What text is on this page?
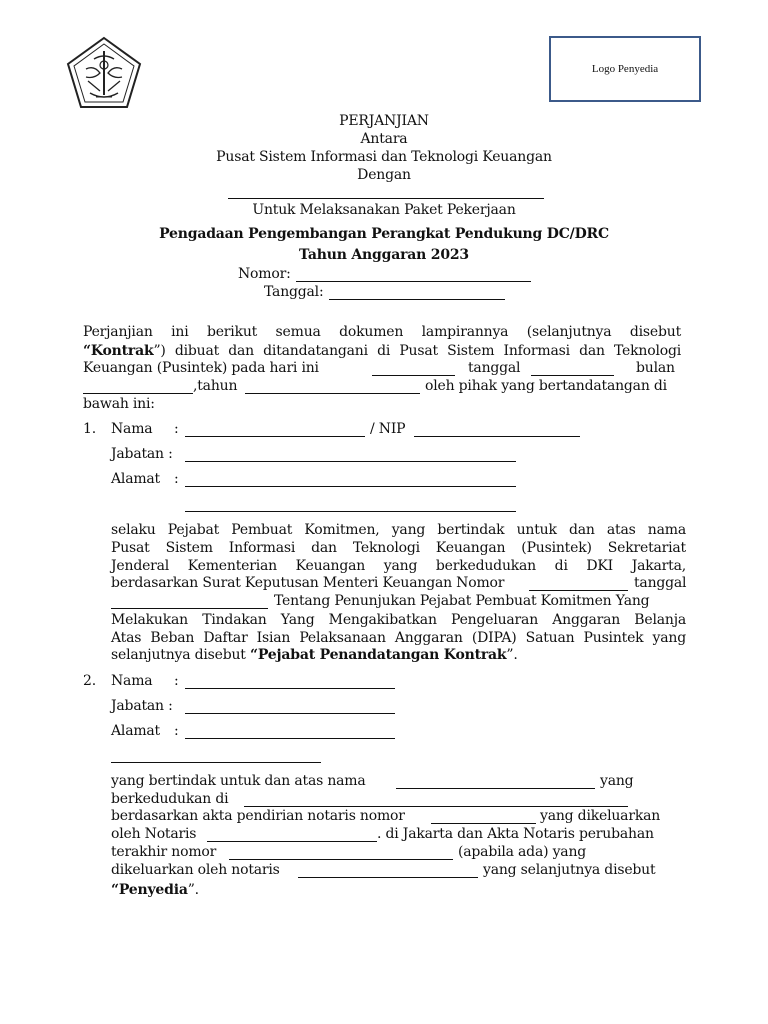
Logo Penyedia
PERJANJIAN
Antara
Pusat Sistem Informasi dan Teknologi Keuangan
Dengan
Untuk Melaksanakan Paket Pekerjaan
Pengadaan Pengembangan Perangkat Pendukung DC/DRC
Tahun Anggaran 2023
Nomor:
Tanggal:
Perjanjian ini berikut semua dokumen lampirannya (selanjutnya disebut
“Kontrak”) dibuat dan ditandatangani di Pusat Sistem Informasi dan Teknologi
Keuangan (Pusintek) pada hari ini	tanggal	bulan
,tahun	oleh pihak yang bertandatangan di
bawah ini:
1. Nama :	/ NIP
Jabatan :
Alamat :
selaku Pejabat Pembuat Komitmen, yang bertindak untuk dan atas nama
Pusat Sistem Informasi dan Teknologi Keuangan (Pusintek) Sekretariat
Jenderal Kementerian Keuangan yang berkedudukan di DKI Jakarta,
berdasarkan Surat Keputusan Menteri Keuangan Nomor	tanggal
Tentang Penunjukan Pejabat Pembuat Komitmen Yang
Melakukan Tindakan Yang Mengakibatkan Pengeluaran Anggaran Belanja
Atas Beban Daftar Isian Pelaksanaan Anggaran (DIPA) Satuan Pusintek yang
selanjutnya disebut “Pejabat Penandatangan Kontrak”.
2. Nama :
Jabatan :
Alamat :
yang bertindak untuk dan atas nama	yang
berkedudukan di
berdasarkan akta pendirian notaris nomor	yang dikeluarkan
oleh Notaris	. di Jakarta dan Akta Notaris perubahan
terakhir nomor	(apabila ada) yang
dikeluarkan oleh notaris	yang selanjutnya disebut
“Penyedia”.
